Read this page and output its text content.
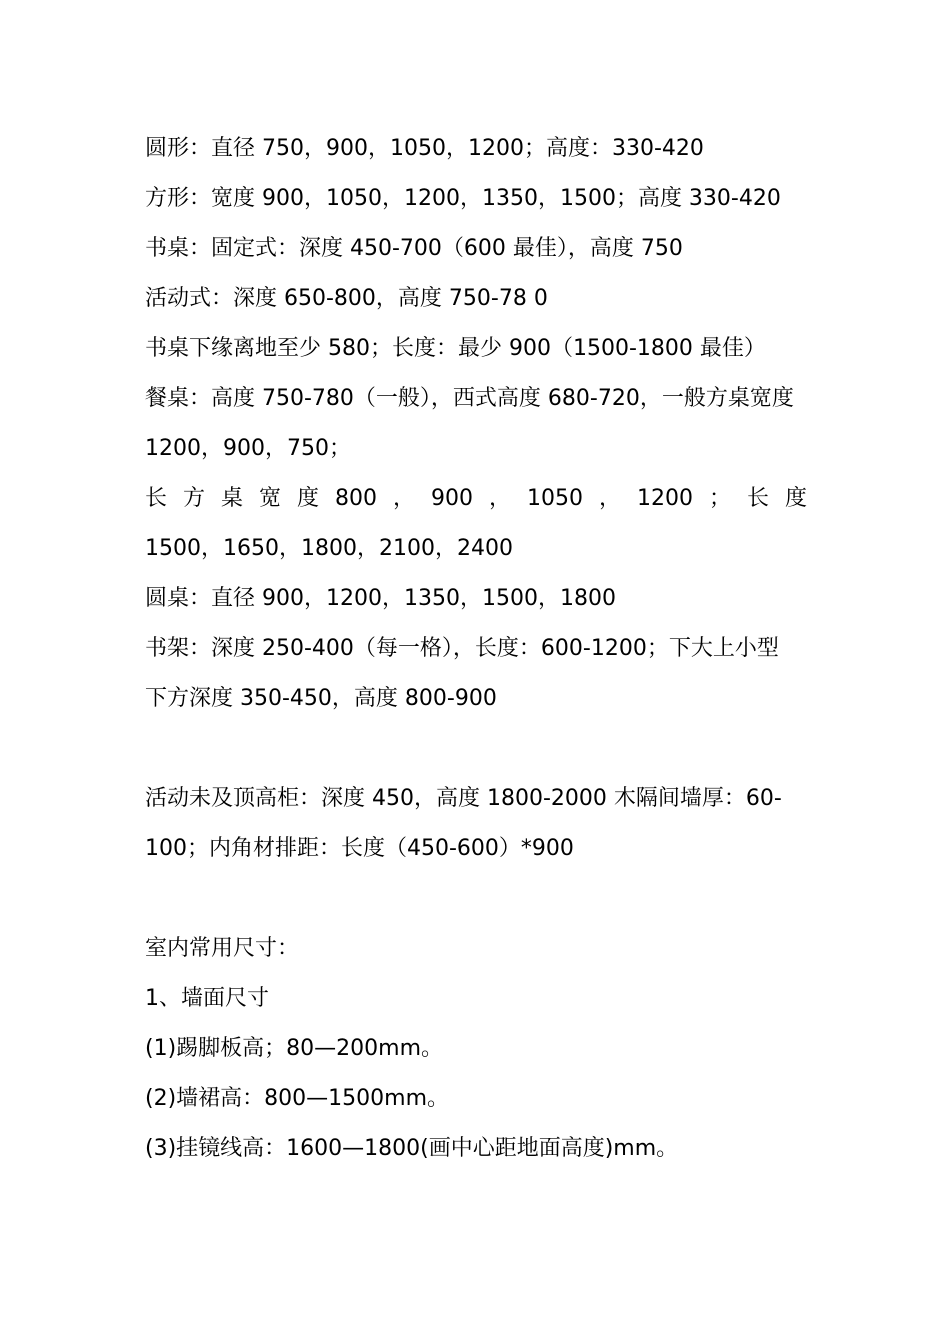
圆形：直径 750，900，1050，1200；高度：330-420
方形：宽度 900，1050，1200，1350，1500；高度 330-420
书桌：固定式：深度 450-700（600 最佳），高度 750
活动式：深度 650-800，高度 750-78 0
书桌下缘离地至少 580；长度：最少 900（1500-1800 最佳）
餐桌：高度 750-780（一般），西式高度 680-720，一般方桌宽度
1200，900，750；
长 方 桌 宽 度 800 ， 900 ， 1050 ， 1200 ； 长 度
1500，1650，1800，2100，2400
圆桌：直径 900，1200，1350，1500，1800
书架：深度 250-400（每一格），长度：600-1200；下大上小型
下方深度 350-450，高度 800-900
活动未及顶高柜：深度 450，高度 1800-2000 木隔间墙厚：60-
100；内角材排距：长度（450-600）*900
室内常用尺寸：
1、墙面尺寸
(1)踢脚板高；80—200mm。
(2)墙裙高：800—1500mm。
(3)挂镜线高：1600—1800(画中心距地面高度)mm。
